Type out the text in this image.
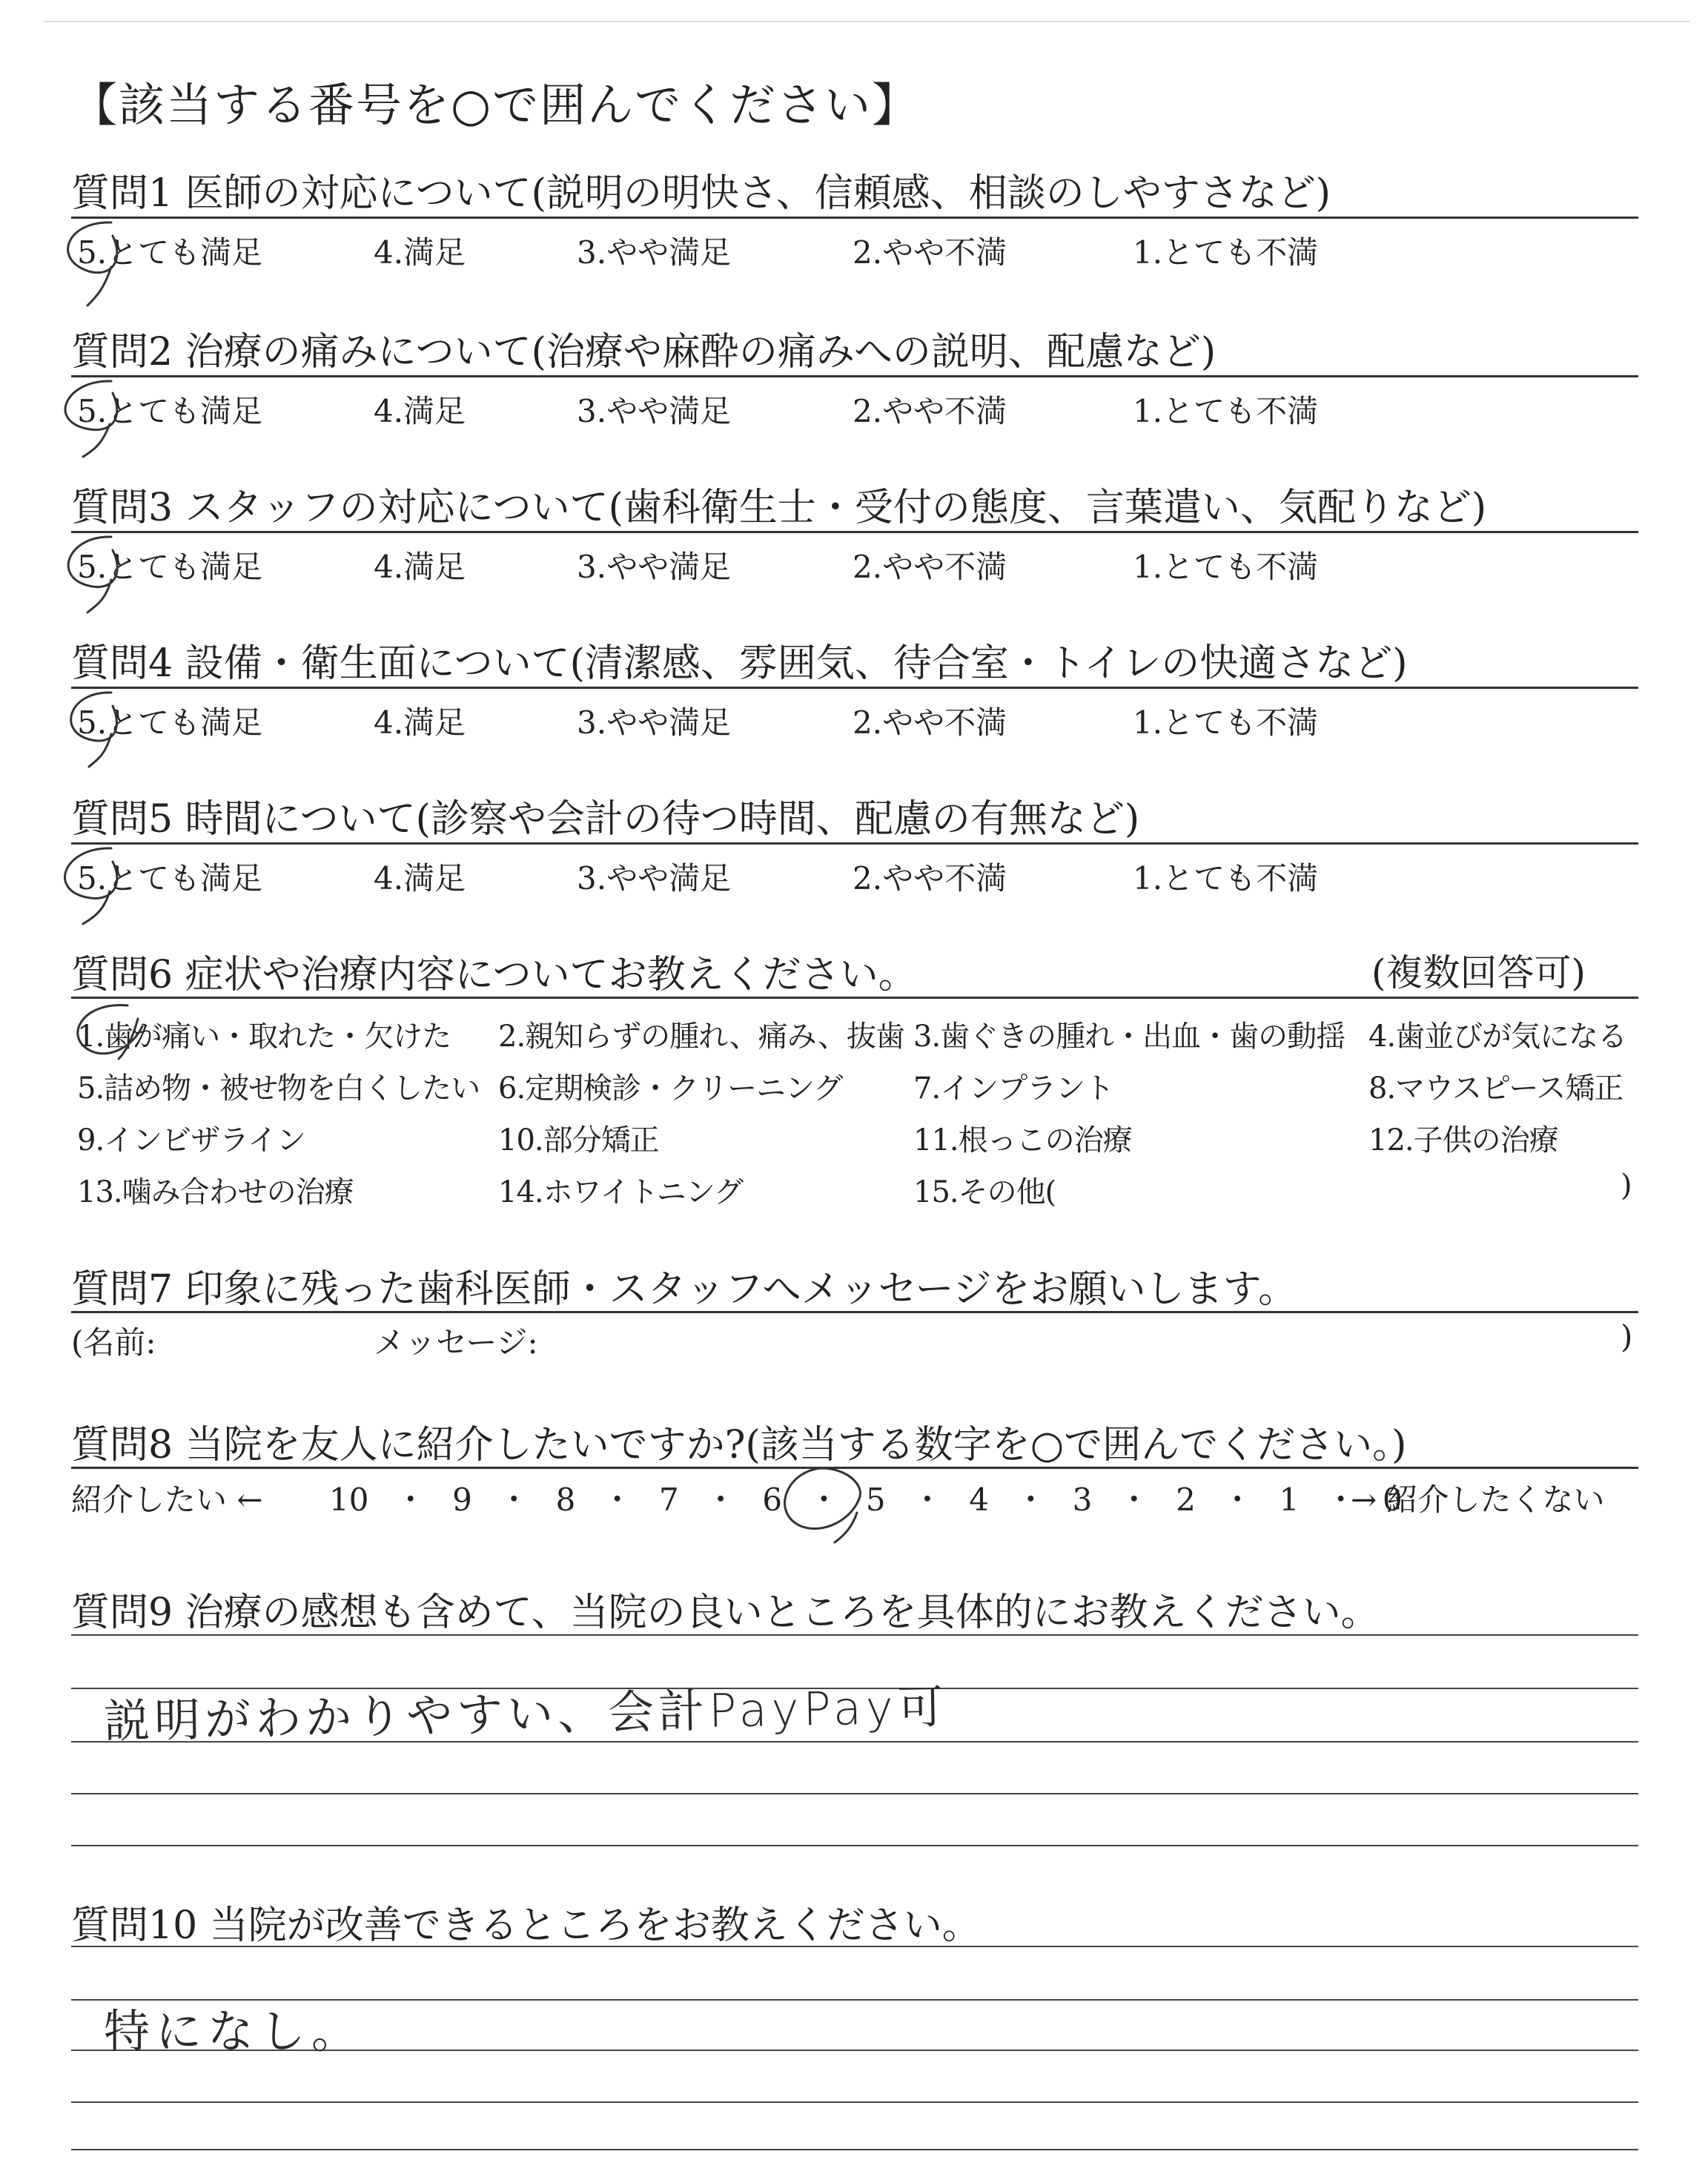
【該当する番号を○で囲んでください】
質問1 医師の対応について(説明の明快さ、信頼感、相談のしやすさなど)
5.とても満足	4.満足	3.やや満足	2.やや不満	1.とても不満
質問2 治療の痛みについて(治療や麻酔の痛みへの説明、配慮など)
5.とても満足	4.満足	3.やや満足	2.やや不満	1.とても不満
質問3 スタッフの対応について(歯科衛生士・受付の態度、言葉遣い、気配りなど)
5.とても満足	4.満足	3.やや満足	2.やや不満	1.とても不満
質問4 設備・衛生面について(清潔感、雰囲気、待合室・トイレの快適さなど)
5.とても満足	4.満足	3.やや満足	2.やや不満	1.とても不満
質問5 時間について(診察や会計の待つ時間、配慮の有無など)
5.とても満足	4.満足	3.やや満足	2.やや不満	1.とても不満
質問6 症状や治療内容についてお教えください。	(複数回答可)
1.歯が痛い・取れた・欠けた 2.親知らずの腫れ、痛み、抜歯 3.歯ぐきの腫れ・出血・歯の動揺 4.歯並びが気になる
5.詰め物・被せ物を白くしたい 6.定期検診・クリーニング 7.インプラント	8.マウスピース矯正
9.インビザライン	10.部分矯正	11.根っこの治療	12.子供の治療
13.噛み合わせの治療	14.ホワイトニング	15.その他(	)
質問7 印象に残った歯科医師・スタッフへメッセージをお願いします。
(名前:	メッセージ:	)
質問8 当院を友人に紹介したいですか?(該当する数字を○で囲んでください。)
紹介したい ← 10 ・ 9 ・ 8 ・ 7 ・ 6 ・ 5 ・ 4 ・ 3 ・ 2 ・ 1 ・ 0
→ 紹介したくない
質問9 治療の感想も含めて、当院の良いところを具体的にお教えください。
説明がわかりやすい、会計PayPay可
質問10 当院が改善できるところをお教えください。
特になし。
